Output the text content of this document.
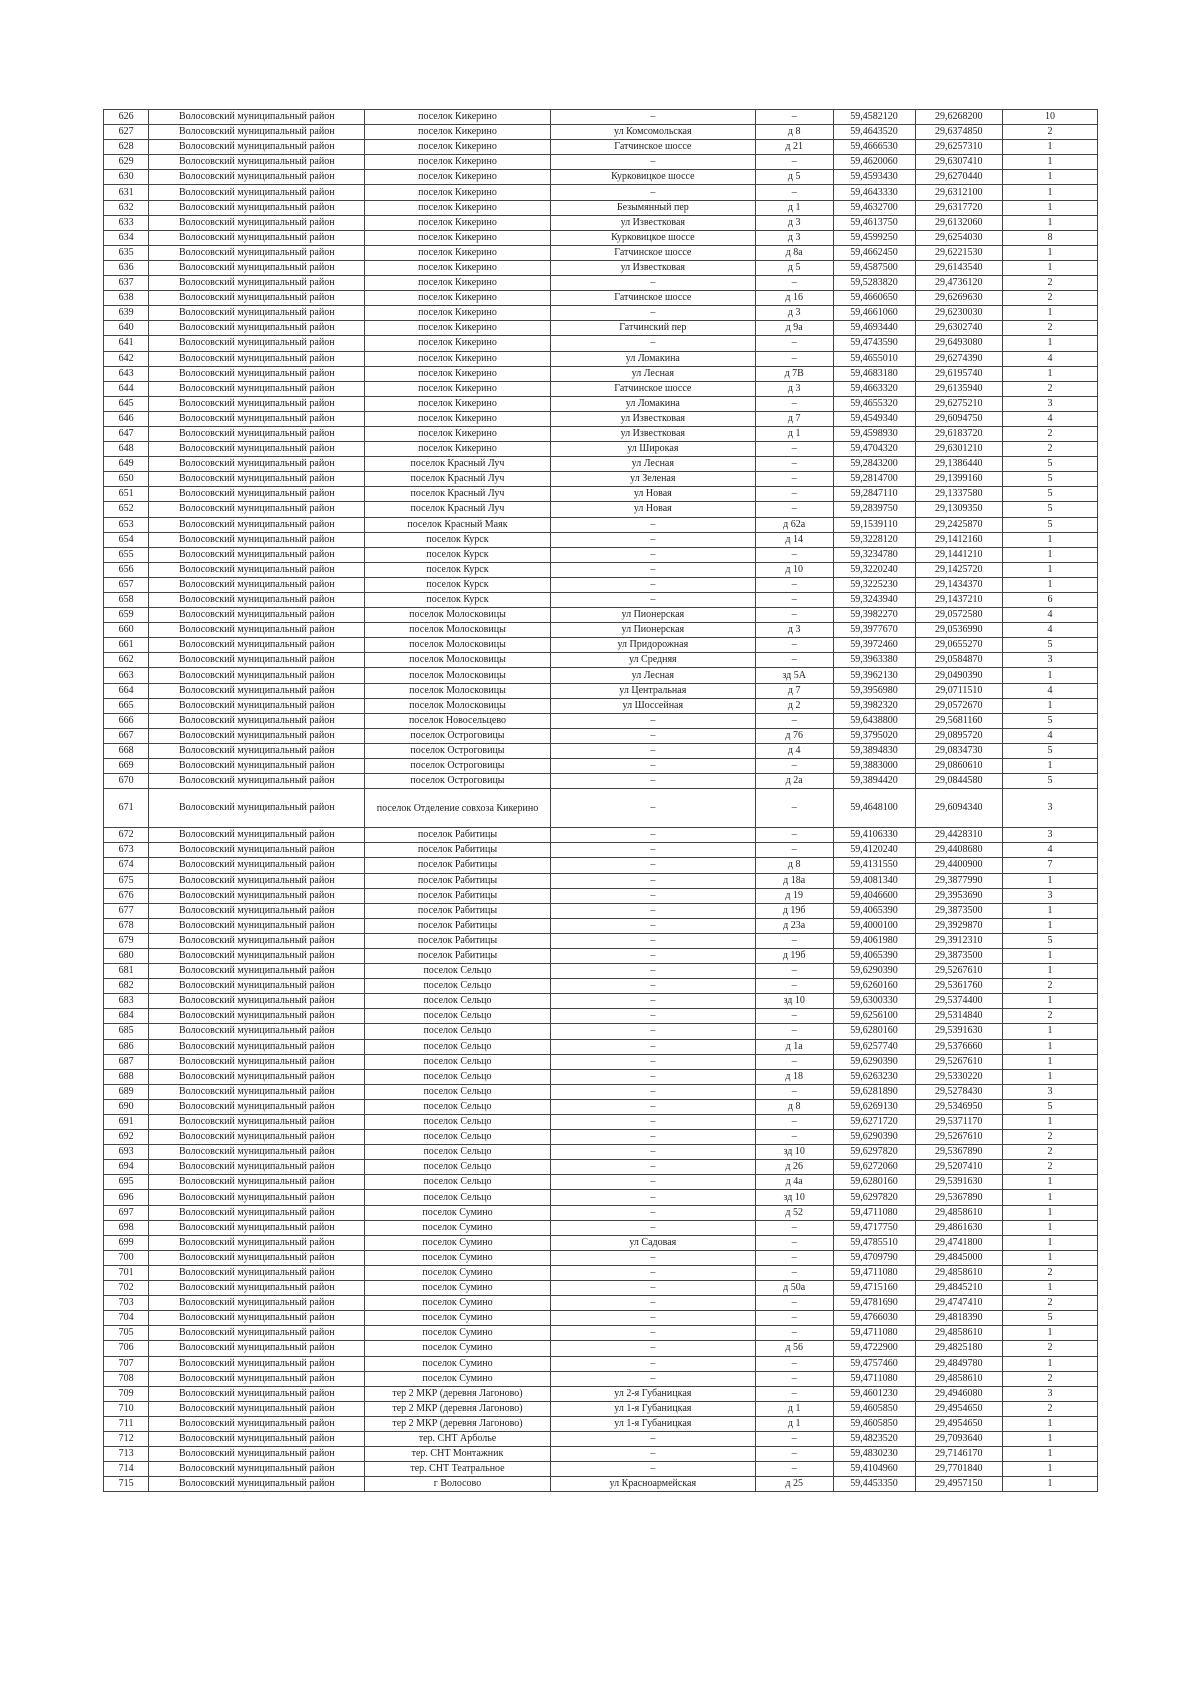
626	Волосовский муниципальный район	поселок Кикерино	–	–	59,4582120	29,6268200	10
627	Волосовский муниципальный район	поселок Кикерино	ул Комсомольская	д 8	59,4643520	29,6374850	2
628	Волосовский муниципальный район	поселок Кикерино	Гатчинское шоссе	д 21	59,4666530	29,6257310	1
629	Волосовский муниципальный район	поселок Кикерино	–	–	59,4620060	29,6307410	1
630	Волосовский муниципальный район	поселок Кикерино	Курковицкое шоссе	д 5	59,4593430	29,6270440	1
631	Волосовский муниципальный район	поселок Кикерино	–	–	59,4643330	29,6312100	1
632	Волосовский муниципальный район	поселок Кикерино	Безымянный пер	д 1	59,4632700	29,6317720	1
633	Волосовский муниципальный район	поселок Кикерино	ул Известковая	д 3	59,4613750	29,6132060	1
634	Волосовский муниципальный район	поселок Кикерино	Курковицкое шоссе	д 3	59,4599250	29,6254030	8
635	Волосовский муниципальный район	поселок Кикерино	Гатчинское шоссе	д 8а	59,4662450	29,6221530	1
636	Волосовский муниципальный район	поселок Кикерино	ул Известковая	д 5	59,4587500	29,6143540	1
637	Волосовский муниципальный район	поселок Кикерино	–	–	59,5283820	29,4736120	2
638	Волосовский муниципальный район	поселок Кикерино	Гатчинское шоссе	д 16	59,4660650	29,6269630	2
639	Волосовский муниципальный район	поселок Кикерино	–	д 3	59,4661060	29,6230030	1
640	Волосовский муниципальный район	поселок Кикерино	Гатчинский пер	д 9а	59,4693440	29,6302740	2
641	Волосовский муниципальный район	поселок Кикерино	–	–	59,4743590	29,6493080	1
642	Волосовский муниципальный район	поселок Кикерино	ул Ломакина	–	59,4655010	29,6274390	4
643	Волосовский муниципальный район	поселок Кикерино	ул Лесная	д 7В	59,4683180	29,6195740	1
644	Волосовский муниципальный район	поселок Кикерино	Гатчинское шоссе	д 3	59,4663320	29,6135940	2
645	Волосовский муниципальный район	поселок Кикерино	ул Ломакина	–	59,4655320	29,6275210	3
646	Волосовский муниципальный район	поселок Кикерино	ул Известковая	д 7	59,4549340	29,6094750	4
647	Волосовский муниципальный район	поселок Кикерино	ул Известковая	д 1	59,4598930	29,6183720	2
648	Волосовский муниципальный район	поселок Кикерино	ул Широкая	–	59,4704320	29,6301210	2
649	Волосовский муниципальный район	поселок Красный Луч	ул Лесная	–	59,2843200	29,1386440	5
650	Волосовский муниципальный район	поселок Красный Луч	ул Зеленая	–	59,2814700	29,1399160	5
651	Волосовский муниципальный район	поселок Красный Луч	ул Новая	–	59,2847110	29,1337580	5
652	Волосовский муниципальный район	поселок Красный Луч	ул Новая	–	59,2839750	29,1309350	5
653	Волосовский муниципальный район	поселок Красный Маяк	–	д 62а	59,1539110	29,2425870	5
654	Волосовский муниципальный район	поселок Курск	–	д 14	59,3228120	29,1412160	1
655	Волосовский муниципальный район	поселок Курск	–	–	59,3234780	29,1441210	1
656	Волосовский муниципальный район	поселок Курск	–	д 10	59,3220240	29,1425720	1
657	Волосовский муниципальный район	поселок Курск	–	–	59,3225230	29,1434370	1
658	Волосовский муниципальный район	поселок Курск	–	–	59,3243940	29,1437210	6
659	Волосовский муниципальный район	поселок Молосковицы	ул Пионерская	–	59,3982270	29,0572580	4
660	Волосовский муниципальный район	поселок Молосковицы	ул Пионерская	д 3	59,3977670	29,0536990	4
661	Волосовский муниципальный район	поселок Молосковицы	ул Придорожная	–	59,3972460	29,0655270	5
662	Волосовский муниципальный район	поселок Молосковицы	ул Средняя	–	59,3963380	29,0584870	3
663	Волосовский муниципальный район	поселок Молосковицы	ул Лесная	зд 5А	59,3962130	29,0490390	1
664	Волосовский муниципальный район	поселок Молосковицы	ул Центральная	д 7	59,3956980	29,0711510	4
665	Волосовский муниципальный район	поселок Молосковицы	ул Шоссейная	д 2	59,3982320	29,0572670	1
666	Волосовский муниципальный район	поселок Новосельцево	–	–	59,6438800	29,5681160	5
667	Волосовский муниципальный район	поселок Остроговицы	–	д 76	59,3795020	29,0895720	4
668	Волосовский муниципальный район	поселок Остроговицы	–	д 4	59,3894830	29,0834730	5
669	Волосовский муниципальный район	поселок Остроговицы	–	–	59,3883000	29,0860610	1
670	Волосовский муниципальный район	поселок Остроговицы	–	д 2а	59,3894420	29,0844580	5
671	Волосовский муниципальный район	поселок Отделение совхоза Кикерино	–	–	59,4648100	29,6094340	3
672	Волосовский муниципальный район	поселок Рабитицы	–	–	59,4106330	29,4428310	3
673	Волосовский муниципальный район	поселок Рабитицы	–	–	59,4120240	29,4408680	4
674	Волосовский муниципальный район	поселок Рабитицы	–	д 8	59,4131550	29,4400900	7
675	Волосовский муниципальный район	поселок Рабитицы	–	д 18а	59,4081340	29,3877990	1
676	Волосовский муниципальный район	поселок Рабитицы	–	д 19	59,4046600	29,3953690	3
677	Волосовский муниципальный район	поселок Рабитицы	–	д 19б	59,4065390	29,3873500	1
678	Волосовский муниципальный район	поселок Рабитицы	–	д 23а	59,4000100	29,3929870	1
679	Волосовский муниципальный район	поселок Рабитицы	–	–	59,4061980	29,3912310	5
680	Волосовский муниципальный район	поселок Рабитицы	–	д 19б	59,4065390	29,3873500	1
681	Волосовский муниципальный район	поселок Сельцо	–	–	59,6290390	29,5267610	1
682	Волосовский муниципальный район	поселок Сельцо	–	–	59,6260160	29,5361760	2
683	Волосовский муниципальный район	поселок Сельцо	–	зд 10	59,6300330	29,5374400	1
684	Волосовский муниципальный район	поселок Сельцо	–	–	59,6256100	29,5314840	2
685	Волосовский муниципальный район	поселок Сельцо	–	–	59,6280160	29,5391630	1
686	Волосовский муниципальный район	поселок Сельцо	–	д 1а	59,6257740	29,5376660	1
687	Волосовский муниципальный район	поселок Сельцо	–	–	59,6290390	29,5267610	1
688	Волосовский муниципальный район	поселок Сельцо	–	д 18	59,6263230	29,5330220	1
689	Волосовский муниципальный район	поселок Сельцо	–	–	59,6281890	29,5278430	3
690	Волосовский муниципальный район	поселок Сельцо	–	д 8	59,6269130	29,5346950	5
691	Волосовский муниципальный район	поселок Сельцо	–	–	59,6271720	29,5371170	1
692	Волосовский муниципальный район	поселок Сельцо	–	–	59,6290390	29,5267610	2
693	Волосовский муниципальный район	поселок Сельцо	–	зд 10	59,6297820	29,5367890	2
694	Волосовский муниципальный район	поселок Сельцо	–	д 26	59,6272060	29,5207410	2
695	Волосовский муниципальный район	поселок Сельцо	–	д 4а	59,6280160	29,5391630	1
696	Волосовский муниципальный район	поселок Сельцо	–	зд 10	59,6297820	29,5367890	1
697	Волосовский муниципальный район	поселок Сумино	–	д 52	59,4711080	29,4858610	1
698	Волосовский муниципальный район	поселок Сумино	–	–	59,4717750	29,4861630	1
699	Волосовский муниципальный район	поселок Сумино	ул Садовая	–	59,4785510	29,4741800	1
700	Волосовский муниципальный район	поселок Сумино	–	–	59,4709790	29,4845000	1
701	Волосовский муниципальный район	поселок Сумино	–	–	59,4711080	29,4858610	2
702	Волосовский муниципальный район	поселок Сумино	–	д 50а	59,4715160	29,4845210	1
703	Волосовский муниципальный район	поселок Сумино	–	–	59,4781690	29,4747410	2
704	Волосовский муниципальный район	поселок Сумино	–	–	59,4766030	29,4818390	5
705	Волосовский муниципальный район	поселок Сумино	–	–	59,4711080	29,4858610	1
706	Волосовский муниципальный район	поселок Сумино	–	д 56	59,4722900	29,4825180	2
707	Волосовский муниципальный район	поселок Сумино	–	–	59,4757460	29,4849780	1
708	Волосовский муниципальный район	поселок Сумино	–	–	59,4711080	29,4858610	2
709	Волосовский муниципальный район	тер 2 МКР (деревня Лагоново)	ул 2-я Губаницкая	–	59,4601230	29,4946080	3
710	Волосовский муниципальный район	тер 2 МКР (деревня Лагоново)	ул 1-я Губаницкая	д 1	59,4605850	29,4954650	2
711	Волосовский муниципальный район	тер 2 МКР (деревня Лагоново)	ул 1-я Губаницкая	д 1	59,4605850	29,4954650	1
712	Волосовский муниципальный район	тер. СНТ Арболье	–	–	59,4823520	29,7093640	1
713	Волосовский муниципальный район	тер. СНТ Монтажник	–	–	59,4830230	29,7146170	1
714	Волосовский муниципальный район	тер. СНТ Театральное	–	–	59,4104960	29,7701840	1
715	Волосовский муниципальный район	г Волосово	ул Красноармейская	д 25	59,4453350	29,4957150	1
